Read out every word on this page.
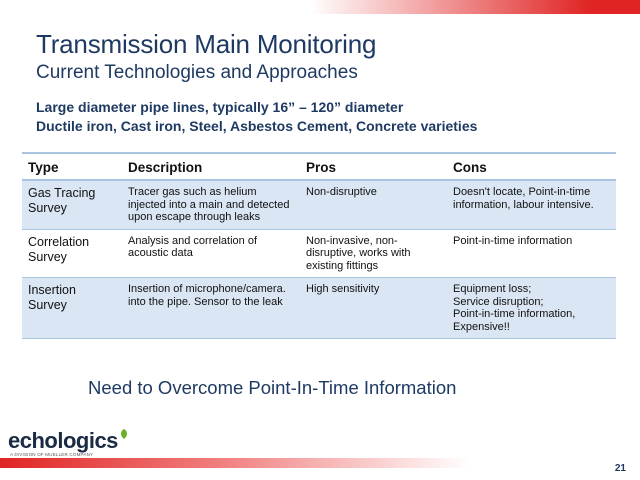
Transmission Main Monitoring
Current Technologies and Approaches
Large diameter pipe lines, typically 16” – 120” diameter
Ductile iron, Cast iron, Steel, Asbestos Cement, Concrete varieties
Type	Description	Pros	Cons
Gas Tracing Survey	Tracer gas such as helium injected into a main and detected upon escape through leaks	Non-disruptive	Doesn't locate, Point-in-time information, labour intensive.
Correlation Survey	Analysis and correlation of acoustic data	Non-invasive, non-disruptive, works with existing fittings	Point-in-time information
Insertion Survey	Insertion of microphone/camera. into the pipe. Sensor to the leak	High sensitivity	Equipment loss;
Service disruption;
Point-in-time information,
Expensive!!
Need to Overcome Point-In-Time Information
echologics
A DIVISION OF MUELLER COMPANY
21
